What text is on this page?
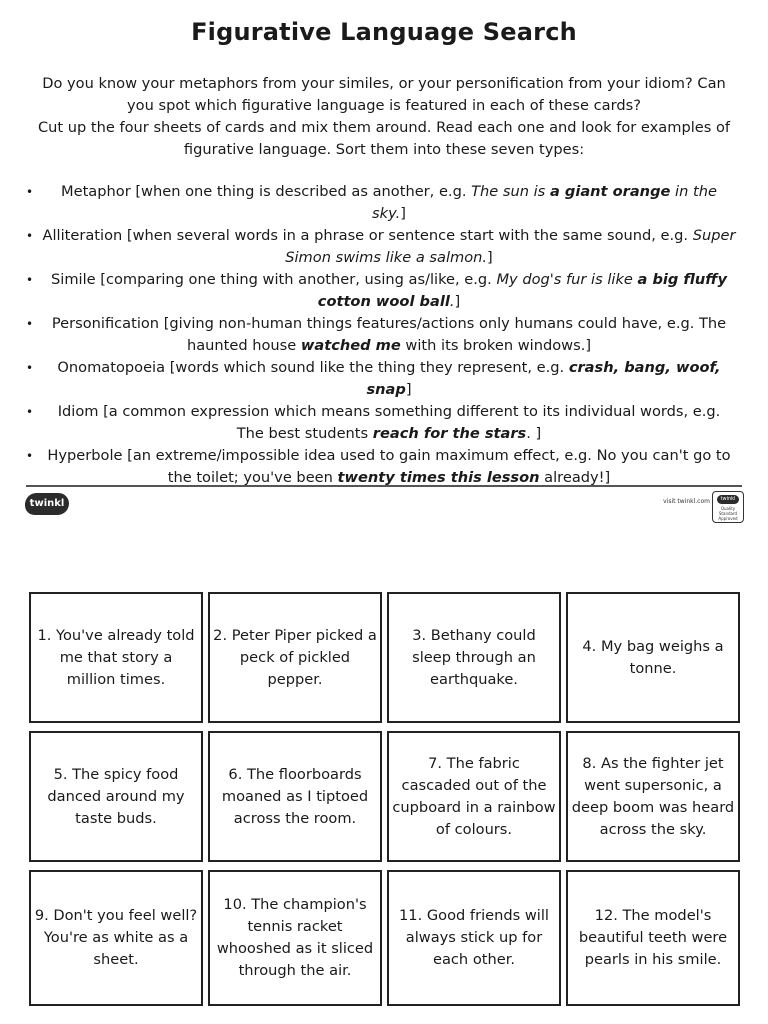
Figurative Language Search

Do you know your metaphors from your similes, or your personification from your idiom? Can you spot which figurative language is featured in each of these cards?

Cut up the four sheets of cards and mix them around. Read each one and look for examples of figurative language. Sort them into these seven types:

• Metaphor [when one thing is described as another, e.g. The sun is a giant orange in the sky.]
• Alliteration [when several words in a phrase or sentence start with the same sound, e.g. Super Simon swims like a salmon.]
• Simile [comparing one thing with another, using as/like, e.g. My dog's fur is like a big fluffy cotton wool ball.]
• Personification [giving non-human things features/actions only humans could have, e.g. The haunted house watched me with its broken windows.]
• Onomatopoeia [words which sound like the thing they represent, e.g. crash, bang, woof, snap]
• Idiom [a common expression which means something different to its individual words, e.g. The best students reach for the stars. ]
• Hyperbole [an extreme/impossible idea used to gain maximum effect, e.g. No you can't go to the toilet; you've been twenty times this lesson already!]
twinkl	visit twinkl.com	twinkl
Quality Standard Approved
1. You've already told me that story a million times.
2. Peter Piper picked a peck of pickled pepper.
3. Bethany could sleep through an earthquake.
4. My bag weighs a tonne.
5. The spicy food danced around my taste buds.
6. The floorboards moaned as I tiptoed across the room.
7. The fabric cascaded out of the cupboard in a rainbow of colours.
8. As the fighter jet went supersonic, a deep boom was heard across the sky.
9. Don't you feel well? You're as white as a sheet.
10. The champion's tennis racket whooshed as it sliced through the air.
11. Good friends will always stick up for each other.
12. The model's beautiful teeth were pearls in his smile.
